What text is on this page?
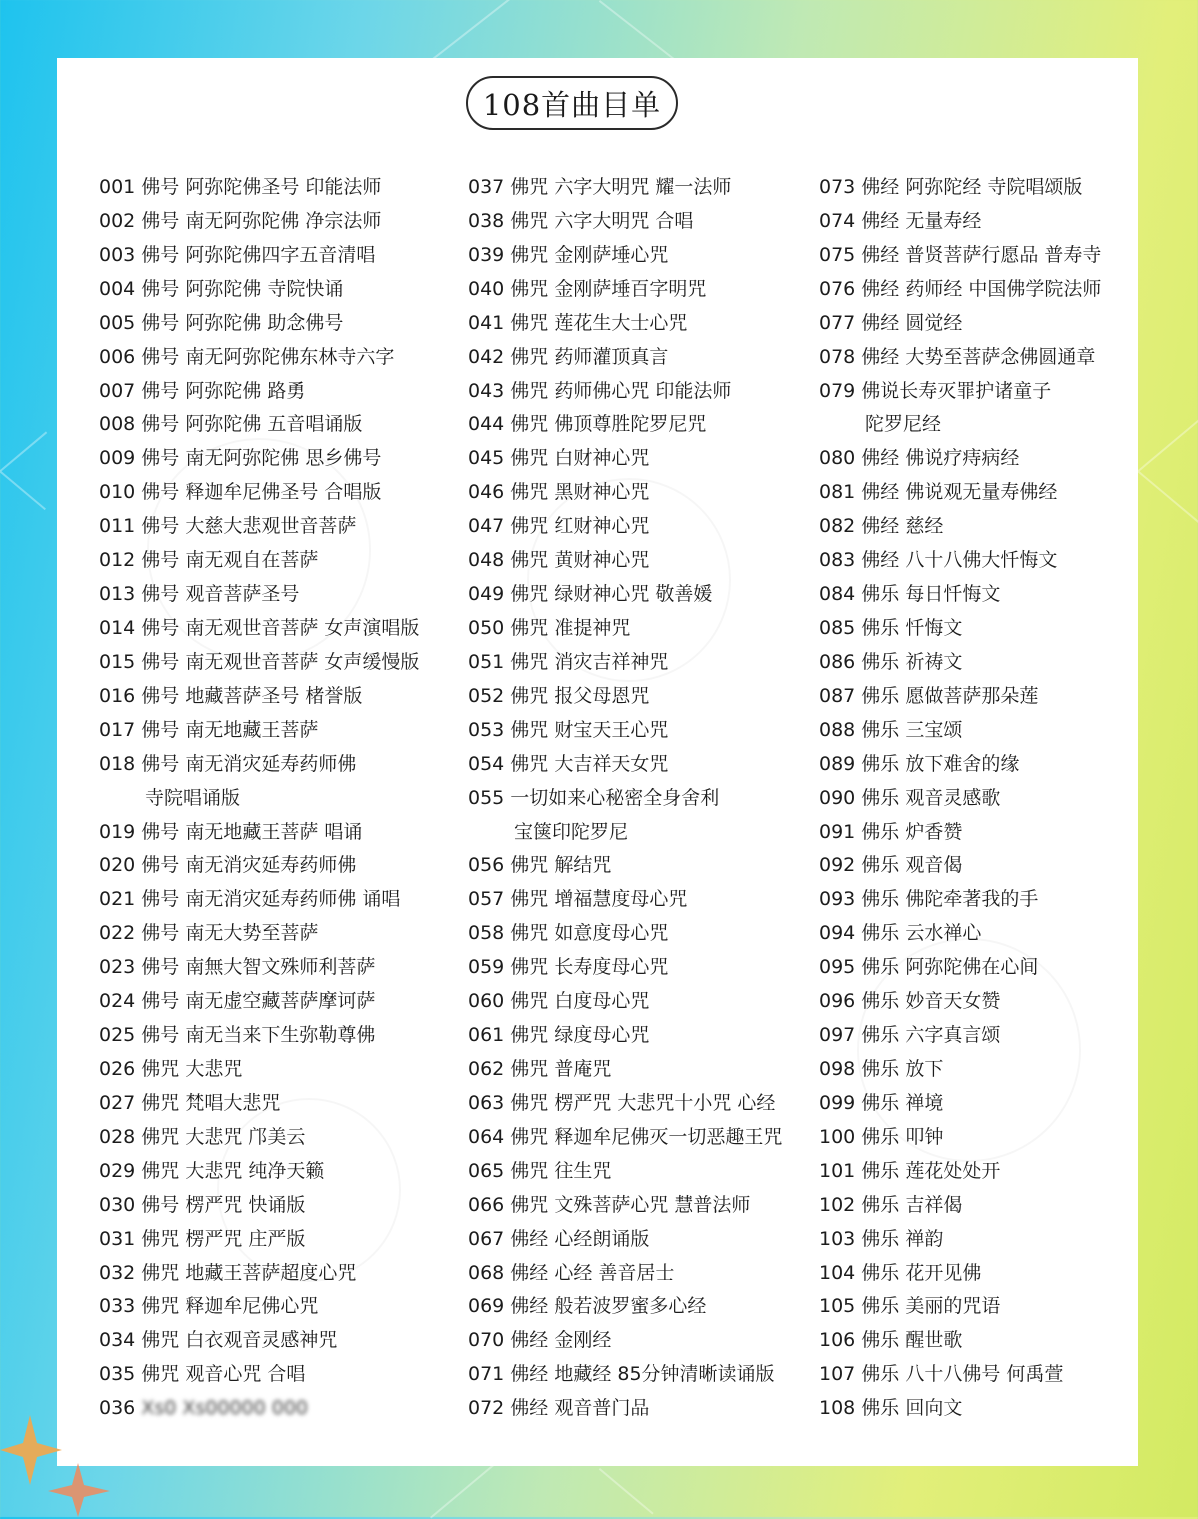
108首曲目单
001 佛号 阿弥陀佛圣号 印能法师
002 佛号 南无阿弥陀佛 净宗法师
003 佛号 阿弥陀佛四字五音清唱
004 佛号 阿弥陀佛 寺院快诵
005 佛号 阿弥陀佛 助念佛号
006 佛号 南无阿弥陀佛东林寺六字
007 佛号 阿弥陀佛 路勇
008 佛号 阿弥陀佛 五音唱诵版
009 佛号 南无阿弥陀佛 思乡佛号
010 佛号 释迦牟尼佛圣号 合唱版
011 佛号 大慈大悲观世音菩萨
012 佛号 南无观自在菩萨
013 佛号 观音菩萨圣号
014 佛号 南无观世音菩萨 女声演唱版
015 佛号 南无观世音菩萨 女声缓慢版
016 佛号 地藏菩萨圣号 楮誉版
017 佛号 南无地藏王菩萨
018 佛号 南无消灾延寿药师佛
寺院唱诵版
019 佛号 南无地藏王菩萨 唱诵
020 佛号 南无消灾延寿药师佛
021 佛号 南无消灾延寿药师佛 诵唱
022 佛号 南无大势至菩萨
023 佛号 南無大智文殊师利菩萨
024 佛号 南无虚空藏菩萨摩诃萨
025 佛号 南无当来下生弥勒尊佛
026 佛咒 大悲咒
027 佛咒 梵唱大悲咒
028 佛咒 大悲咒 邝美云
029 佛咒 大悲咒 纯净天籁
030 佛号 楞严咒 快诵版
031 佛咒 楞严咒 庄严版
032 佛咒 地藏王菩萨超度心咒
033 佛咒 释迦牟尼佛心咒
034 佛咒 白衣观音灵感神咒
035 佛咒 观音心咒 合唱
036 Xs0 Xs00000 000
037 佛咒 六字大明咒 耀一法师
038 佛咒 六字大明咒 合唱
039 佛咒 金刚萨埵心咒
040 佛咒 金刚萨埵百字明咒
041 佛咒 莲花生大士心咒
042 佛咒 药师灌顶真言
043 佛咒 药师佛心咒 印能法师
044 佛咒 佛顶尊胜陀罗尼咒
045 佛咒 白财神心咒
046 佛咒 黑财神心咒
047 佛咒 红财神心咒
048 佛咒 黄财神心咒
049 佛咒 绿财神心咒 敬善媛
050 佛咒 准提神咒
051 佛咒 消灾吉祥神咒
052 佛咒 报父母恩咒
053 佛咒 财宝天王心咒
054 佛咒 大吉祥天女咒
055 一切如来心秘密全身舍利
宝箧印陀罗尼
056 佛咒 解结咒
057 佛咒 增福慧度母心咒
058 佛咒 如意度母心咒
059 佛咒 长寿度母心咒
060 佛咒 白度母心咒
061 佛咒 绿度母心咒
062 佛咒 普庵咒
063 佛咒 楞严咒 大悲咒十小咒 心经
064 佛咒 释迦牟尼佛灭一切恶趣王咒
065 佛咒 往生咒
066 佛咒 文殊菩萨心咒 慧普法师
067 佛经 心经朗诵版
068 佛经 心经 善音居士
069 佛经 般若波罗蜜多心经
070 佛经 金刚经
071 佛经 地藏经 85分钟清晰读诵版
072 佛经 观音普门品
073 佛经 阿弥陀经 寺院唱颂版
074 佛经 无量寿经
075 佛经 普贤菩萨行愿品 普寿寺
076 佛经 药师经 中国佛学院法师
077 佛经 圆觉经
078 佛经 大势至菩萨念佛圆通章
079 佛说长寿灭罪护诸童子
陀罗尼经
080 佛经 佛说疗痔病经
081 佛经 佛说观无量寿佛经
082 佛经 慈经
083 佛经 八十八佛大忏悔文
084 佛乐 每日忏悔文
085 佛乐 忏悔文
086 佛乐 祈祷文
087 佛乐 愿做菩萨那朵莲
088 佛乐 三宝颂
089 佛乐 放下难舍的缘
090 佛乐 观音灵感歌
091 佛乐 炉香赞
092 佛乐 观音偈
093 佛乐 佛陀牵著我的手
094 佛乐 云水禅心
095 佛乐 阿弥陀佛在心间
096 佛乐 妙音天女赞
097 佛乐 六字真言颂
098 佛乐 放下
099 佛乐 禅境
100 佛乐 叩钟
101 佛乐 莲花处处开
102 佛乐 吉祥偈
103 佛乐 禅韵
104 佛乐 花开见佛
105 佛乐 美丽的咒语
106 佛乐 醒世歌
107 佛乐 八十八佛号 何禹萱
108 佛乐 回向文
